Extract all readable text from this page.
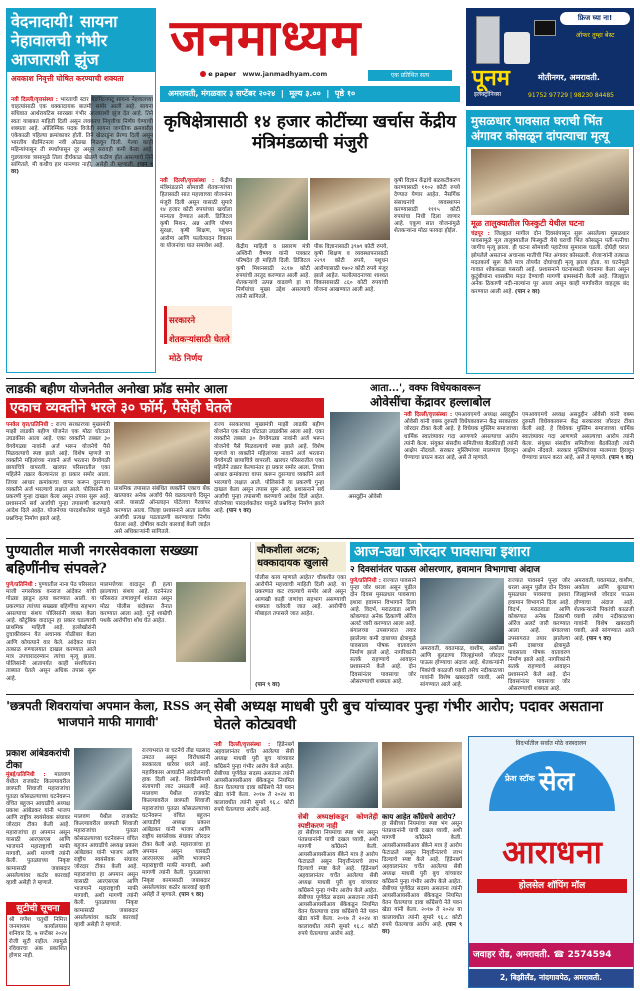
वेदनादायी! सायना नेहावालची गंभीर आजाराशी झुंज
अवकाश निवृत्ती घोषित करण्याची शक्यता
नवी दिल्ली/वृत्तसंस्था : भारताची स्टार बॅडमिंटनपटू सायना नेहवालच्या चाहत्यांसाठी एक धक्कादायक बातमी समोर आली आहे. सायना संधिवात आर्थरायटिस सारख्या गंभीर आजाराशी झुंज देत आहे. तिने स्वतः याबाबत माहिती दिली असून लवकरच निवृत्तीचा निर्णय घेण्याची शक्यता आहे. ऑलिम्पिक पदक विजेती सायना जागतिक क्रमवारीत एकेकाळी पहिल्या क्रमांकावर होती. तिने खेळाडूंना प्रेरणा दिली असून भारतीय बॅडमिंटनला नवी ओळख मिळवून दिली. गेल्या काही महिन्यांपासून ती स्पर्धांपासून दूर असून सरावही कमी केला आहे. गुडघ्याच्या त्रासामुळे तिला दीर्घकाळ खेळणे कठीण होत असल्याचे तिने सांगितले. मी कधीच हार मानणार नाही, असेही ती म्हणाली. (पान ९ वर)
जनमाध्यम
e paper www.janmadhyam.com	एक प्रतिथित सत्य
अमरावती, मंगळवार ३ सप्टेंबर २०२४  |  मूल्य ३.००  |  पृष्ठे १०
फ्रिज घ्या ना!
ऑफर तुम्हा बेस्ट
पूनम
इलेक्ट्रॉनिक्स
मोतीनगर, अमरावती.
91752 97729 | 98230 84485
कृषिक्षेत्रासाठी १४ हजार कोटींच्या खर्चास केंद्रीय मंत्रिमंडळाची मंजुरी
नवी दिल्ली/वृत्तसंस्था : केंद्रीय मंत्रिमंडळाने सोमवारी शेतकऱ्यांच्या हितासाठी सात महत्त्वाच्या योजनांना मंजुरी दिली असून यासाठी सुमारे १४ हजार कोटी रुपयांच्या खर्चाला मान्यता देण्यात आली. डिजिटल कृषी मिशन, अन्न आणि पोषण सुरक्षा, कृषी शिक्षण, पशुधन आरोग्य आणि फलोत्पादन विकास या योजनांचा यात समावेश आहे.	केंद्रीय माहिती व प्रसारण मंत्री अश्विनी वैष्णव यांनी पत्रकार परिषदेत ही माहिती दिली. डिजिटल कृषी मिशनसाठी २८१७ कोटी रुपयांची तरतूद करण्यात आली आहे. शेतकऱ्यांचे उत्पन्न वाढवणे हा या निर्णयांचा मुख्य उद्देश असल्याचे त्यांनी सांगितले.
पीक विज्ञानासाठी ३९७९ कोटी रुपये, कृषी शिक्षण व व्यवस्थापनासाठी २२९१ कोटी रुपये, पशुधन आरोग्यासाठी १७०२ कोटी रुपये मंजूर झाले आहेत. फलोत्पादनाच्या शाश्वत विकासासाठी ८६० कोटी रुपयांची योजना आखण्यात आली आहे.
कृषी विज्ञान केंद्रांचे बळकटीकरण करण्यासाठी ११०२ कोटी रुपये देण्यात येणार आहेत. नैसर्गिक संसाधनांचे व्यवस्थापन करण्यासाठी १११५ कोटी रुपयांचा निधी दिला जाणार आहे. एकूण सात योजनांमुळे शेतकऱ्यांना मोठा फायदा होईल.
सरकारने शेतकऱ्यांसाठी घेतले मोठे निर्णय
मुसळधार पावसात घराची भिंत अंगावर कोसळून दांपत्याचा मृत्यू
मूळ तालुक्यातील फिस्कुटी येथील घटना
चंद्रपूर : जिल्ह्यात मागील दोन दिवसांपासून सुरू असलेल्या मुसळधार पावसामुळे मूल तालुक्यातील फिस्कुटी येथे घराची भिंत कोसळून पती-पत्नीचा जागीच मृत्यू झाला. ही घटना सोमवारी पहाटेच्या सुमारास घडली. दोघेही घरात झोपलेले असताना अचानक मातीची भिंत अंगावर कोसळली. शेजाऱ्यांनी तत्काळ मदतकार्य सुरू केले मात्र तोपर्यंत दोघांचाही मृत्यू झाला होता. या घटनेमुळे गावात शोककळा पसरली आहे. प्रशासनाने घटनास्थळी पंचनामा केला असून कुटुंबीयांना शासकीय मदत देण्याची मागणी ग्रामस्थांनी केली आहे. जिल्ह्यात अनेक ठिकाणी नदी-नाल्यांना पूर आला असून काही मार्गांवरील वाहतूक बंद करण्यात आली आहे. (पान २ वर)
लाडकी बहीण योजनेतील अनोखा फ्रॉड समोर आला
एकाच व्यक्तीने भरले ३० फॉर्म, पैसेही घेतले
पनवेल वृत्त/प्रतिनिधी : राज्य सरकारच्या मुख्यमंत्री माझी लाडकी बहीण योजनेत एक मोठा घोटाळा उघडकीस आला आहे. एका व्यक्तीने तब्बल ३० वेगवेगळ्या नावांनी अर्ज भरून योजनेचे पैसे मिळवल्याचे स्पष्ट झाले आहे. विशेष म्हणजे या व्यक्तीने महिलांच्या नावाने अर्ज भरताना वेगवेगळी छायाचित्रे वापरली. खारघर परिसरातील एका महिलेने तक्रार केल्यानंतर हा प्रकार समोर आला. तिच्या आधार क्रमांकाचा वापर करून दुसऱ्याच व्यक्तीने अर्ज भरल्याचे लक्षात आले. पोलिसांनी या प्रकरणी गुन्हा दाखल केला असून तपास सुरू आहे. प्रशासनाने सर्व अर्जांची पुन्हा तपासणी करण्याचे आदेश दिले आहेत. योजनेच्या पारदर्शकतेवर यामुळे प्रश्नचिन्ह निर्माण झाले आहे.
प्राथमिक तपासात संबंधित व्यक्तीने एकाच बँक खात्यावर अनेक अर्जांचे पैसे वळवल्याचे दिसून आले. यासाठी ऑनलाइन पोर्टलचा गैरवापर करण्यात आला. जिल्हा प्रशासनाने आता प्रत्येक अर्जाची प्रत्यक्ष पडताळणी करण्याचा निर्णय घेतला आहे. दोषींवर कठोर कारवाई केली जाईल असे अधिकाऱ्यांनी सांगितले.
राज्य सरकारच्या मुख्यमंत्री माझी लाडकी बहीण योजनेत एक मोठा घोटाळा उघडकीस आला आहे. एका व्यक्तीने तब्बल ३० वेगवेगळ्या नावांनी अर्ज भरून योजनेचे पैसे मिळवल्याचे स्पष्ट झाले आहे. विशेष म्हणजे या व्यक्तीने महिलांच्या नावाने अर्ज भरताना वेगवेगळी छायाचित्रे वापरली. खारघर परिसरातील एका महिलेने तक्रार केल्यानंतर हा प्रकार समोर आला. तिच्या आधार क्रमांकाचा वापर करून दुसऱ्याच व्यक्तीने अर्ज भरल्याचे लक्षात आले. पोलिसांनी या प्रकरणी गुन्हा दाखल केला असून तपास सुरू आहे. प्रशासनाने सर्व अर्जांची पुन्हा तपासणी करण्याचे आदेश दिले आहेत. योजनेच्या पारदर्शकतेवर यामुळे प्रश्नचिन्ह निर्माण झाले आहे. (पान ९ वर)
आता...', वक्फ विधेयकावरून
ओवेसींचा केंद्रावर हल्लाबोल
असदुद्दीन ओवेसी
नवी दिल्ली/वृत्तसंस्था : एमआयएमचे अध्यक्ष असदुद्दीन ओवेसी यांनी वक्फ दुरुस्ती विधेयकावरून केंद्र सरकारवर जोरदार टीका केली आहे. हे विधेयक मुस्लिम समाजाच्या धार्मिक स्वातंत्र्यावर गदा आणणारे असल्याचा आरोप त्यांनी केला. संयुक्त संसदीय समितीच्या बैठकीतही त्यांनी आक्षेप नोंदवले. सरकार मुस्लिमांच्या मालमत्ता हिरावून घेण्याचा प्रयत्न करत आहे, असे ते म्हणाले.
एमआयएमचे अध्यक्ष असदुद्दीन ओवेसी यांनी वक्फ दुरुस्ती विधेयकावरून केंद्र सरकारवर जोरदार टीका केली आहे. हे विधेयक मुस्लिम समाजाच्या धार्मिक स्वातंत्र्यावर गदा आणणारे असल्याचा आरोप त्यांनी केला. संयुक्त संसदीय समितीच्या बैठकीतही त्यांनी आक्षेप नोंदवले. सरकार मुस्लिमांच्या मालमत्ता हिरावून घेण्याचा प्रयत्न करत आहे, असे ते म्हणाले. (पान ९ वर)
पुण्यातील माजी नगरसेवकाला सख्ख्या बहिणींनीच संपवले?
पुणे/प्रतिनिधी : पुण्यातील नाना पेठ परिसरात माजी नगरसेवक वनराज आंदेकर यांची गोळ्या झाडून हत्या करण्यात आली. या प्रकरणात त्यांच्या सख्ख्या बहिणींचा सहभाग असल्याचा संशय पोलिसांनी व्यक्त केला आहे. कौटुंबिक वादातून हा प्रकार घडल्याची प्राथमिक माहिती आहे. हल्लेखोरांनी दुचाकीवरून येत अचानक गोळीबार केला आणि कोयत्याने वार केले. आंदेकर यांना तत्काळ रुग्णालयात दाखल करण्यात आले मात्र उपचारादरम्यान त्यांचा मृत्यू झाला. पोलिसांनी आतापर्यंत काही संशयितांना ताब्यात घेतले असून अधिक तपास सुरू आहे.
मालमत्तेच्या वादातून ही हत्या झाल्याचा संशय आहे. घटनेनंतर परिसरात तणावपूर्ण शांतता असून मोठा पोलीस बंदोबस्त तैनात करण्यात आला आहे. गुन्हे शाखेची पथके आरोपींचा शोध घेत आहेत.
चौकशीला अटक; धक्कादायक खुलासे
पोलीस काय म्हणाले आहेत? चौकशीत एका आरोपीने महत्त्वाची माहिती दिली आहे. या प्रकरणात कट रचल्याचे समोर आले असून आणखी काही जणांचा सहभाग असण्याची शक्यता वर्तवली जात आहे. आरोपींचे मोबाइल तपासले जात आहेत.
(पान ९ वर)
आज-उद्या जोरदार पावसाचा इशारा
२ दिवसांनंतर पाऊस ओसरणार, हवामान विभागाचा अंदाज
पुणे/प्रतिनिधी : राज्यात पावसाने पुन्हा जोर धरला असून पुढील दोन दिवस मुसळधार पावसाचा इशारा हवामान विभागाने दिला आहे. विदर्भ, मराठवाडा आणि कोकणात अनेक ठिकाणी ऑरेंज अलर्ट जारी करण्यात आला आहे. बंगालच्या उपसागरात तयार झालेल्या कमी दाबाच्या क्षेत्रामुळे पावसाला पोषक वातावरण निर्माण झाले आहे. नागरिकांनी सतर्क राहण्याचे आवाहन प्रशासनाने केले आहे. दोन दिवसांनंतर पावसाचा जोर ओसरण्याची शक्यता आहे.
अमरावती, यवतमाळ, वाशीम, अकोला आणि बुलडाणा जिल्ह्यांमध्ये जोरदार पाऊस होण्याचा अंदाज आहे. शेतकऱ्यांनी पिकांची काळजी घ्यावी तसेच नदीकाठच्या गावांनी विशेष खबरदारी घ्यावी, असे सांगण्यात आले आहे.
राज्यात पावसाने पुन्हा जोर धरला असून पुढील दोन दिवस मुसळधार पावसाचा इशारा हवामान विभागाने दिला आहे. विदर्भ, मराठवाडा आणि कोकणात अनेक ठिकाणी ऑरेंज अलर्ट जारी करण्यात आला आहे. बंगालच्या उपसागरात तयार झालेल्या कमी दाबाच्या क्षेत्रामुळे पावसाला पोषक वातावरण निर्माण झाले आहे. नागरिकांनी सतर्क राहण्याचे आवाहन प्रशासनाने केले आहे. दोन दिवसांनंतर पावसाचा जोर ओसरण्याची शक्यता आहे.
अमरावती, यवतमाळ, वाशीम, अकोला आणि बुलडाणा जिल्ह्यांमध्ये जोरदार पाऊस होण्याचा अंदाज आहे. शेतकऱ्यांनी पिकांची काळजी घ्यावी तसेच नदीकाठच्या गावांनी विशेष खबरदारी घ्यावी, असे सांगण्यात आले आहे. (पान ९ वर)
'छत्रपती शिवरायांचा अपमान केला, RSS अन् भाजपाने माफी मागावी'
प्रकाश आंबेडकरांची टीका
मुंबई/प्रतिनिधी : मालवण येथील राजकोट किल्ल्यावरील छत्रपती शिवाजी महाराजांचा पुतळा कोसळल्याच्या घटनेवरून वंचित बहुजन आघाडीचे अध्यक्ष प्रकाश आंबेडकर यांनी भाजप आणि राष्ट्रीय स्वयंसेवक संघावर जोरदार टीका केली आहे. महाराजांचा हा अपमान असून यासाठी आरएसएस आणि भाजपाने महाराष्ट्राची माफी मागावी, अशी मागणी त्यांनी केली. पुतळ्याच्या निकृष्ट कामासाठी जबाबदार असलेल्यांवर कठोर कारवाई व्हावी असेही ते म्हणाले.
मालवण येथील राजकोट किल्ल्यावरील छत्रपती शिवाजी महाराजांचा पुतळा कोसळल्याच्या घटनेवरून वंचित बहुजन आघाडीचे अध्यक्ष प्रकाश आंबेडकर यांनी भाजप आणि राष्ट्रीय स्वयंसेवक संघावर जोरदार टीका केली आहे. महाराजांचा हा अपमान असून यासाठी आरएसएस आणि भाजपाने महाराष्ट्राची माफी मागावी, अशी मागणी त्यांनी केली. पुतळ्याच्या निकृष्ट कामासाठी जबाबदार असलेल्यांवर कठोर कारवाई व्हावी असेही ते म्हणाले.
राज्यभरात या घटनेचे तीव्र पडसाद उमटत असून विरोधकांनी सरकारला धारेवर धरले आहे. महाविकास आघाडीने आंदोलनाची हाक दिली आहे. शिवप्रेमींमध्ये संतापाची लाट उसळली आहे. मालवण येथील राजकोट किल्ल्यावरील छत्रपती शिवाजी महाराजांचा पुतळा कोसळल्याच्या घटनेवरून वंचित बहुजन आघाडीचे अध्यक्ष प्रकाश आंबेडकर यांनी भाजप आणि राष्ट्रीय स्वयंसेवक संघावर जोरदार टीका केली आहे. महाराजांचा हा अपमान असून यासाठी आरएसएस आणि भाजपाने महाराष्ट्राची माफी मागावी, अशी मागणी त्यांनी केली. पुतळ्याच्या निकृष्ट कामासाठी जबाबदार असलेल्यांवर कठोर कारवाई व्हावी असेही ते म्हणाले. (पान ९ वर)
सुटीची सूचना
श्री गणेश चतुर्थी निमित्त जनमाध्यम कार्यालयास शनिवार दि. ७ सप्टेंबर २०२४ रोजी सुटी राहील. त्यामुळे रविवारचा अंक प्रकाशित होणार नाही.
सेबी अध्यक्ष माधबी पुरी बुच यांच्यावर पुन्हा गंभीर आरोप; पदावर असताना घेतले कोट्यवधी
नवी दिल्ली/वृत्तसंस्था : हिंडेनबर्ग अहवालानंतर चर्चेत आलेल्या सेबी अध्यक्ष माधबी पुरी बुच यांच्यावर काँग्रेसने पुन्हा गंभीर आरोप केले आहेत. सेबीच्या पूर्णवेळ सदस्य असताना त्यांनी आयसीआयसीआय बँकेकडून नियमित वेतन घेतल्याचा दावा काँग्रेसचे नेते पवन खेडा यांनी केला. २०१७ ते २०२४ या कालावधीत त्यांनी सुमारे १६.८ कोटी रुपये घेतल्याचा आरोप आहे.
सेबी अध्यक्षांकडून कोणतेही स्पष्टीकरण नाही
हा सेबीच्या नियमांचा स्पष्ट भंग असून पंतप्रधानांनी याची दखल घ्यावी, अशी मागणी काँग्रेसने केली. आयसीआयसीआय बँकेने मात्र हे आरोप फेटाळले असून निवृत्तीनंतरचे लाभ दिल्याचे स्पष्ट केले आहे. हिंडेनबर्ग अहवालानंतर चर्चेत आलेल्या सेबी अध्यक्ष माधबी पुरी बुच यांच्यावर काँग्रेसने पुन्हा गंभीर आरोप केले आहेत. सेबीच्या पूर्णवेळ सदस्य असताना त्यांनी आयसीआयसीआय बँकेकडून नियमित वेतन घेतल्याचा दावा काँग्रेसचे नेते पवन खेडा यांनी केला. २०१७ ते २०२४ या कालावधीत त्यांनी सुमारे १६.८ कोटी रुपये घेतल्याचा आरोप आहे.
काय आहेत काँग्रेसचे आरोप?
हा सेबीच्या नियमांचा स्पष्ट भंग असून पंतप्रधानांनी याची दखल घ्यावी, अशी मागणी काँग्रेसने केली. आयसीआयसीआय बँकेने मात्र हे आरोप फेटाळले असून निवृत्तीनंतरचे लाभ दिल्याचे स्पष्ट केले आहे. हिंडेनबर्ग अहवालानंतर चर्चेत आलेल्या सेबी अध्यक्ष माधबी पुरी बुच यांच्यावर काँग्रेसने पुन्हा गंभीर आरोप केले आहेत. सेबीच्या पूर्णवेळ सदस्य असताना त्यांनी आयसीआयसीआय बँकेकडून नियमित वेतन घेतल्याचा दावा काँग्रेसचे नेते पवन खेडा यांनी केला. २०१७ ते २०२४ या कालावधीत त्यांनी सुमारे १६.८ कोटी रुपये घेतल्याचा आरोप आहे. (पान ९ वर)
विदर्भातील सर्वात मोठे वस्त्रदालन
फ्रेश स्टॉक सेल
आराधना
होलसेल शॉपिंग मॉल
जवाहर रोड, अमरावती. ☎ 2574594
2, बिझीलँड, नांदगावपेठ, अमरावती.
